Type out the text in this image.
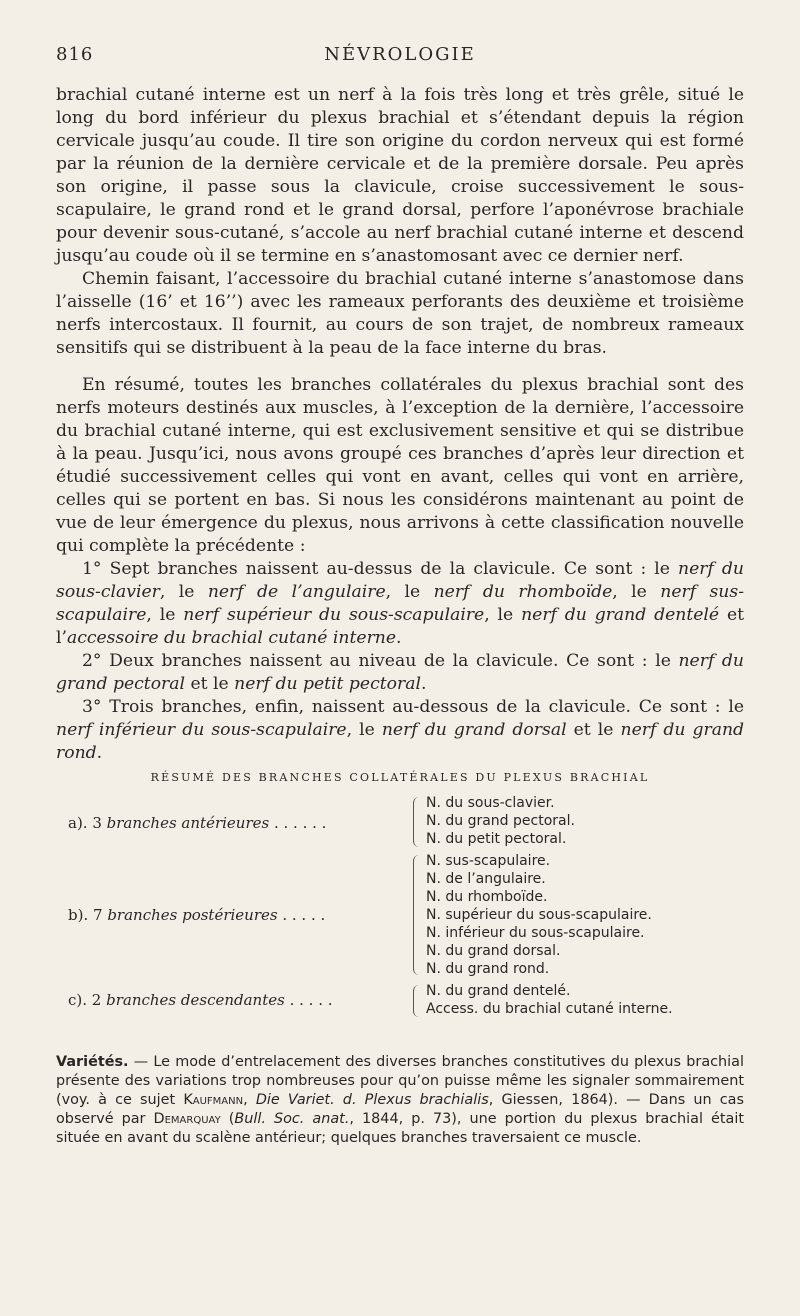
816	NÉVROLOGIE

brachial cutané interne est un nerf à la fois très long et très grêle, situé le long du bord inférieur du plexus brachial et s’étendant depuis la région cervicale jusqu’au coude. Il tire son origine du cordon nerveux qui est formé par la réunion de la dernière cervicale et de la première dorsale. Peu après son origine, il passe sous la clavicule, croise successivement le sous-scapulaire, le grand rond et le grand dorsal, perfore l’aponévrose brachiale pour devenir sous-cutané, s’accole au nerf brachial cutané interne et descend jusqu’au coude où il se termine en s’anastomosant avec ce dernier nerf.

Chemin faisant, l’accessoire du brachial cutané interne s’anastomose dans l’aisselle (16’ et 16’’) avec les rameaux perforants des deuxième et troisième nerfs intercostaux. Il fournit, au cours de son trajet, de nombreux rameaux sensitifs qui se distribuent à la peau de la face interne du bras.

En résumé, toutes les branches collatérales du plexus brachial sont des nerfs moteurs destinés aux muscles, à l’exception de la dernière, l’accessoire du brachial cutané interne, qui est exclusivement sensitive et qui se distribue à la peau. Jusqu’ici, nous avons groupé ces branches d’après leur direction et étudié successivement celles qui vont en avant, celles qui vont en arrière, celles qui se portent en bas. Si nous les considérons maintenant au point de vue de leur émergence du plexus, nous arrivons à cette classification nouvelle qui complète la précédente :

1° Sept branches naissent au-dessus de la clavicule. Ce sont : le nerf du sous-clavier, le nerf de l’angulaire, le nerf du rhomboïde, le nerf sus-scapulaire, le nerf supérieur du sous-scapulaire, le nerf du grand dentelé et l’accessoire du brachial cutané interne.

2° Deux branches naissent au niveau de la clavicule. Ce sont : le nerf du grand pectoral et le nerf du petit pectoral.

3° Trois branches, enfin, naissent au-dessous de la clavicule. Ce sont : le nerf inférieur du sous-scapulaire, le nerf du grand dorsal et le nerf du grand rond.

RÉSUMÉ DES BRANCHES COLLATÉRALES DU PLEXUS BRACHIAL
a). 3 branches antérieures . . . . . .
N. du sous-clavier.
N. du grand pectoral.
N. du petit pectoral.
b). 7 branches postérieures . . . . .
N. sus-scapulaire.
N. de l’angulaire.
N. du rhomboïde.
N. supérieur du sous-scapulaire.
N. inférieur du sous-scapulaire.
N. du grand dorsal.
N. du grand rond.
c). 2 branches descendantes . . . . .	N. du grand dentelé.
Access. du brachial cutané interne.
Variétés. — Le mode d’entrelacement des diverses branches constitutives du plexus brachial présente des variations trop nombreuses pour qu’on puisse même les signaler sommairement (voy. à ce sujet Kaufmann, Die Variet. d. Plexus brachialis, Giessen, 1864). — Dans un cas observé par Demarquay (Bull. Soc. anat., 1844, p. 73), une portion du plexus brachial était située en avant du scalène antérieur; quelques branches traversaient ce muscle.
